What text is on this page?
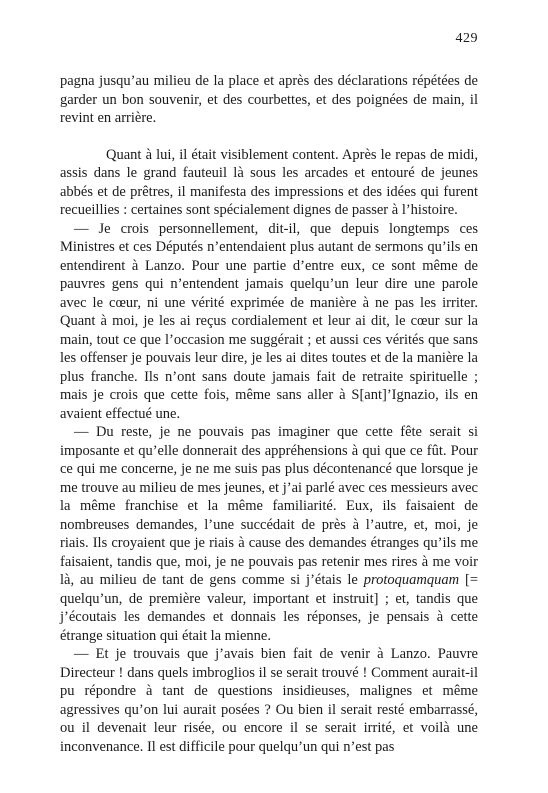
429

pagna jusqu’au milieu de la place et après des déclarations répétées de garder un bon souvenir, et des courbettes, et des poignées de main, il revint en arrière.

Quant à lui, il était visiblement content. Après le repas de midi, assis dans le grand fauteuil là sous les arcades et entouré de jeunes abbés et de prêtres, il manifesta des impressions et des idées qui furent recueillies : certaines sont spécialement dignes de passer à l’histoire.

— Je crois personnellement, dit-il, que depuis longtemps ces Ministres et ces Députés n’entendaient plus autant de sermons qu’ils en entendirent à Lanzo. Pour une partie d’entre eux, ce sont même de pauvres gens qui n’entendent jamais quelqu’un leur dire une parole avec le cœur, ni une vérité exprimée de manière à ne pas les irriter. Quant à moi, je les ai reçus cordialement et leur ai dit, le cœur sur la main, tout ce que l’occasion me suggérait ; et aussi ces vérités que sans les offenser je pouvais leur dire, je les ai dites toutes et de la manière la plus franche. Ils n’ont sans doute jamais fait de retraite spirituelle ; mais je crois que cette fois, même sans aller à S[ant]’Ignazio, ils en avaient effectué une.

— Du reste, je ne pouvais pas imaginer que cette fête serait si imposante et qu’elle donnerait des appréhensions à qui que ce fût. Pour ce qui me concerne, je ne me suis pas plus décontenancé que lorsque je me trouve au milieu de mes jeunes, et j’ai parlé avec ces messieurs avec la même franchise et la même familiarité. Eux, ils faisaient de nombreuses demandes, l’une succédait de près à l’autre, et, moi, je riais. Ils croyaient que je riais à cause des demandes étranges qu’ils me faisaient, tandis que, moi, je ne pouvais pas retenir mes rires à me voir là, au milieu de tant de gens comme si j’étais le protoquamquam [= quelqu’un, de première valeur, important et instruit] ; et, tandis que j’écoutais les demandes et donnais les réponses, je pensais à cette étrange situation qui était la mienne.

— Et je trouvais que j’avais bien fait de venir à Lanzo. Pauvre Directeur ! dans quels imbroglios il se serait trouvé ! Comment aurait-il pu répondre à tant de questions insidieuses, malignes et même agressives qu’on lui aurait posées ? Ou bien il serait resté embarrassé, ou il devenait leur risée, ou encore il se serait irrité, et voilà une inconvenance. Il est difficile pour quelqu’un qui n’est pas
